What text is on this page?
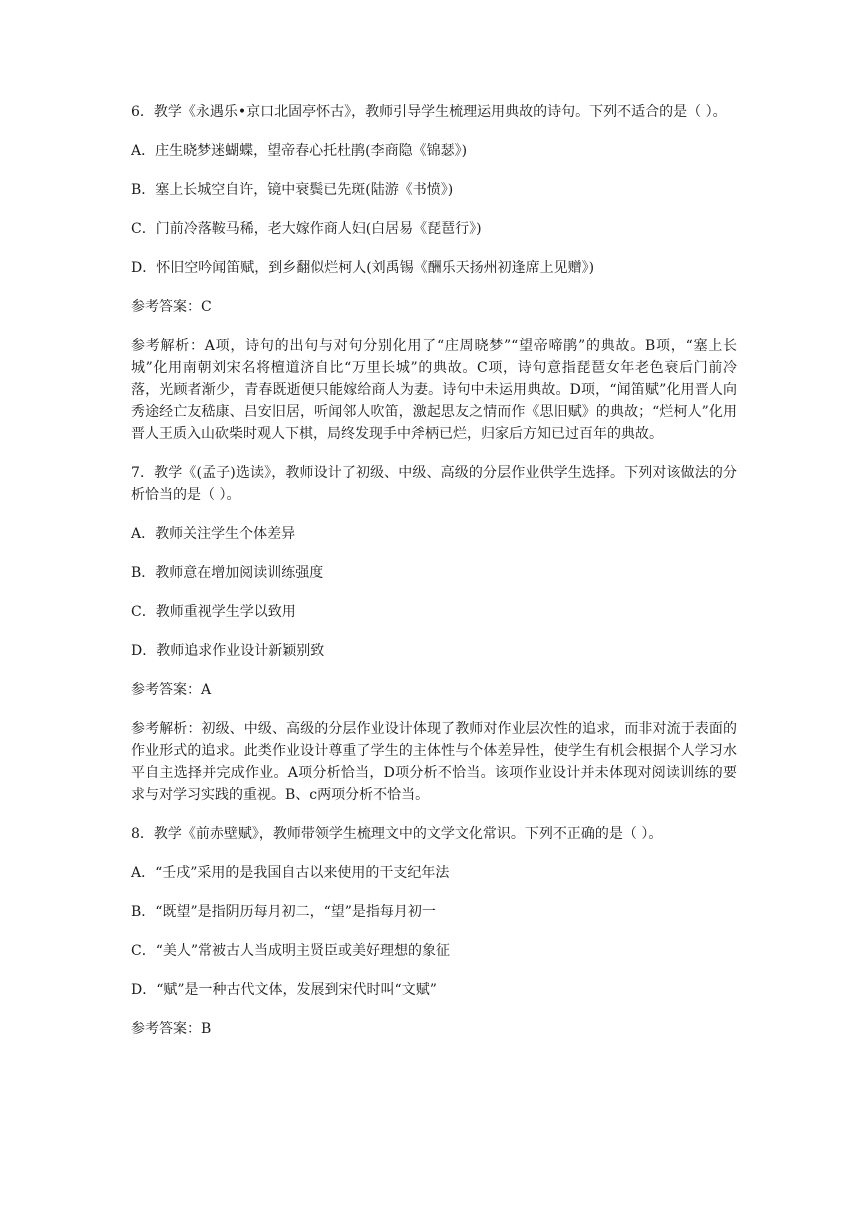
6．教学《永遇乐•京口北固亭怀古》，教师引导学生梳理运用典故的诗句。下列不适合的是（ ）。

A．庄生晓梦迷蝴蝶，望帝春心托杜鹃(李商隐《锦瑟》)

B．塞上长城空自许，镜中衰鬓已先斑(陆游《书愤》)

C．门前冷落鞍马稀，老大嫁作商人妇(白居易《琵琶行》)

D．怀旧空吟闻笛赋，到乡翻似烂柯人(刘禹锡《酬乐天扬州初逢席上见赠》)

参考答案：C

参考解析：A项，诗句的出句与对句分别化用了“庄周晓梦”“望帝啼鹃”的典故。B项，“塞上长城”化用南朝刘宋名将檀道济自比“万里长城”的典故。C项，诗句意指琵琶女年老色衰后门前冷落，光顾者渐少，青春既逝便只能嫁给商人为妻。诗句中未运用典故。D项，“闻笛赋”化用晋人向秀途经亡友嵇康、吕安旧居，听闻邻人吹笛，激起思友之情而作《思旧赋》的典故；“烂柯人”化用晋人王质入山砍柴时观人下棋，局终发现手中斧柄已烂，归家后方知已过百年的典故。

7．教学《(孟子)选读》，教师设计了初级、中级、高级的分层作业供学生选择。下列对该做法的分析恰当的是（ ）。

A．教师关注学生个体差异

B．教师意在增加阅读训练强度

C．教师重视学生学以致用

D．教师追求作业设计新颖别致

参考答案：A

参考解析：初级、中级、高级的分层作业设计体现了教师对作业层次性的追求，而非对流于表面的作业形式的追求。此类作业设计尊重了学生的主体性与个体差异性，使学生有机会根据个人学习水平自主选择并完成作业。A项分析恰当，D项分析不恰当。该项作业设计并未体现对阅读训练的要求与对学习实践的重视。B、c两项分析不恰当。

8．教学《前赤壁赋》，教师带领学生梳理文中的文学文化常识。下列不正确的是（ ）。

A．“壬戌”采用的是我国自古以来使用的干支纪年法

B．“既望”是指阴历每月初二，“望”是指每月初一

C．“美人”常被古人当成明主贤臣或美好理想的象征

D．“赋”是一种古代文体，发展到宋代时叫“文赋”

参考答案：B
